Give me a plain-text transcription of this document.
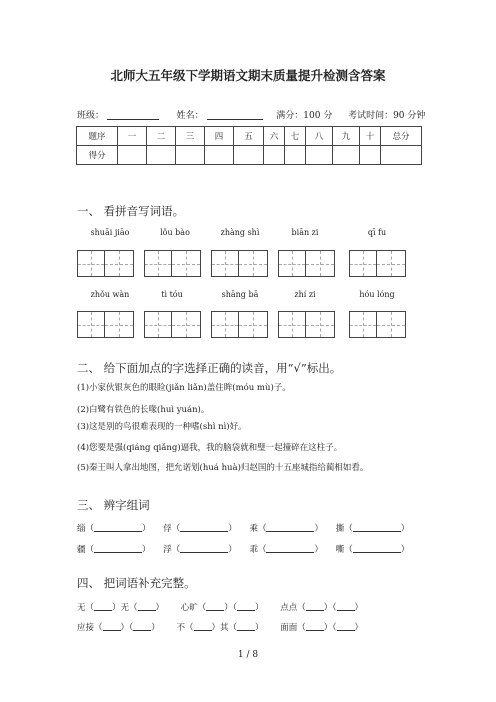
北师大五年级下学期语文期末质量提升检测含答案
班级：	姓名：	满分：100 分 考试时间：90 分钟
题序	一	二	三	四	五	六	七	八	九	十	总分
得分											
一、 看拼音写词语。
shuāi jiāo	lǒu bào	zhàng shì	biān zi	qī fu
zhǒu wàn	tì tóu	shāng bā	zhí zi	hóu lóng
二、 给下面加点的字选择正确的读音，用“√”标出。
(1)小家伙银灰色的眼睑(jiǎn liǎn)盖住眸(móu mù)子。
(2)白鹭有铁色的长喙(huì yuán)。
(3)这是别的鸟很难表现的一种嗜(shì nì)好。
(4)您要是强(qiáng qiǎng)逼我，我的脑袋就和璧一起撞碎在这柱子。
(5)秦王叫人拿出地图，把允诺划(huá huà)归赵国的十五座城指给蔺相如看。
三、 辨字组词
缁（	） 俘（	） 乘（	） 撕（	）
疆（	） 浮（	） 乖（	） 嘶（	）
四、 把词语补充完整。
无（ ）无（ ） 心旷（ ）（ ） 点点（ ）（ ）
应接（ ）（ ） 不（ ）其（ ） 面面（ ）（ ）
1 / 8
